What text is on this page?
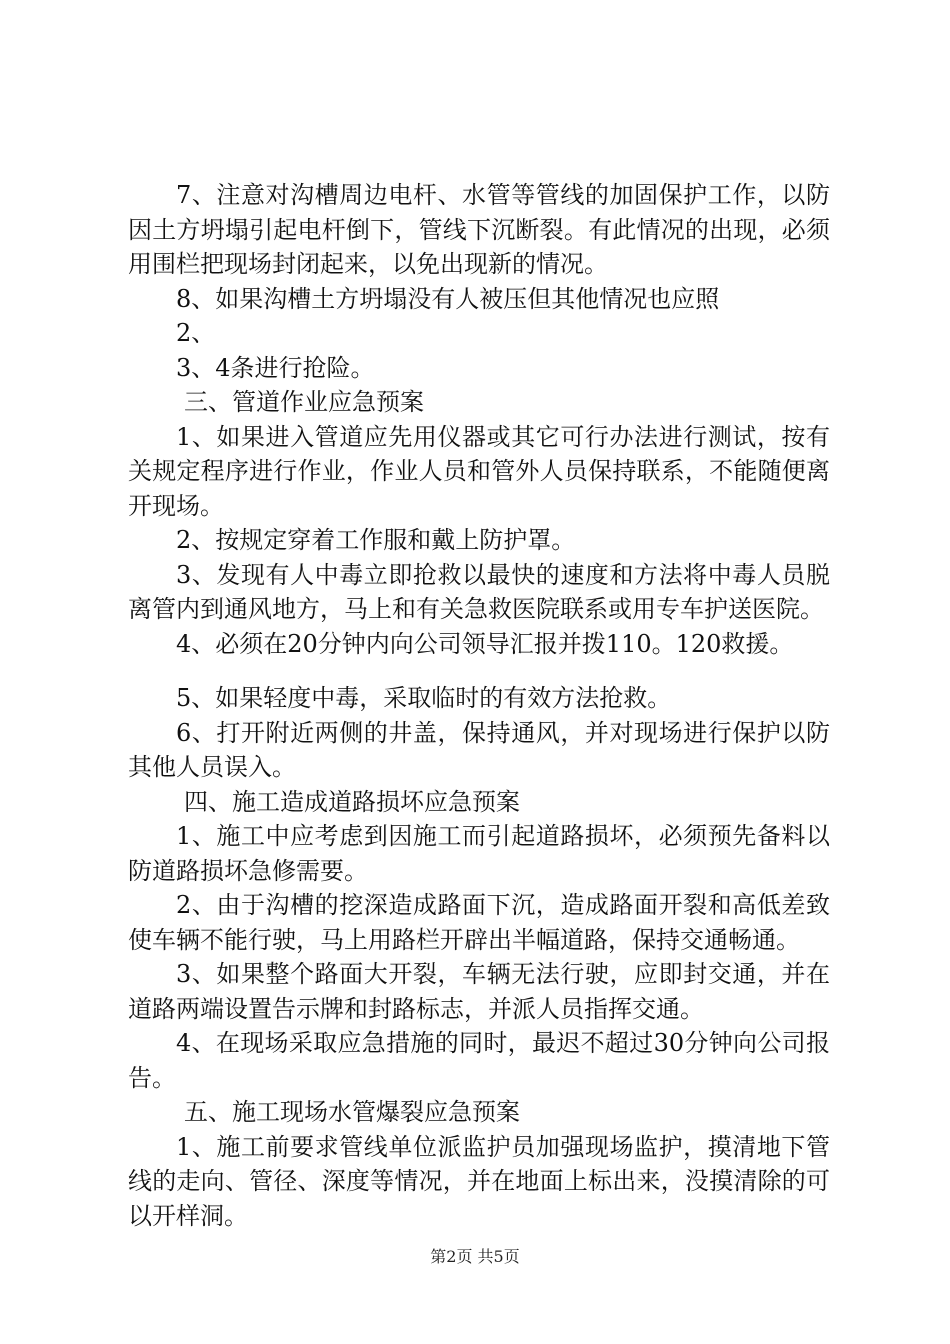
7、注意对沟槽周边电杆、水管等管线的加固保护工作，以防因土方坍塌引起电杆倒下，管线下沉断裂。有此情况的出现，必须用围栏把现场封闭起来，以免出现新的情况。

8、如果沟槽土方坍塌没有人被压但其他情况也应照

2、

3、4条进行抢险。

三、管道作业应急预案

1、如果进入管道应先用仪器或其它可行办法进行测试，按有关规定程序进行作业，作业人员和管外人员保持联系，不能随便离开现场。

2、按规定穿着工作服和戴上防护罩。

3、发现有人中毒立即抢救以最快的速度和方法将中毒人员脱离管内到通风地方，马上和有关急救医院联系或用专车护送医院。

4、必须在20分钟内向公司领导汇报并拨110。120救援。

5、如果轻度中毒，采取临时的有效方法抢救。

6、打开附近两侧的井盖，保持通风，并对现场进行保护以防其他人员误入。

四、施工造成道路损坏应急预案

1、施工中应考虑到因施工而引起道路损坏，必须预先备料以防道路损坏急修需要。

2、由于沟槽的挖深造成路面下沉，造成路面开裂和高低差致使车辆不能行驶，马上用路栏开辟出半幅道路，保持交通畅通。

3、如果整个路面大开裂，车辆无法行驶，应即封交通，并在道路两端设置告示牌和封路标志，并派人员指挥交通。

4、在现场采取应急措施的同时，最迟不超过30分钟向公司报告。

五、施工现场水管爆裂应急预案

1、施工前要求管线单位派监护员加强现场监护，摸清地下管线的走向、管径、深度等情况，并在地面上标出来，没摸清除的可以开样洞。

第2页 共5页
